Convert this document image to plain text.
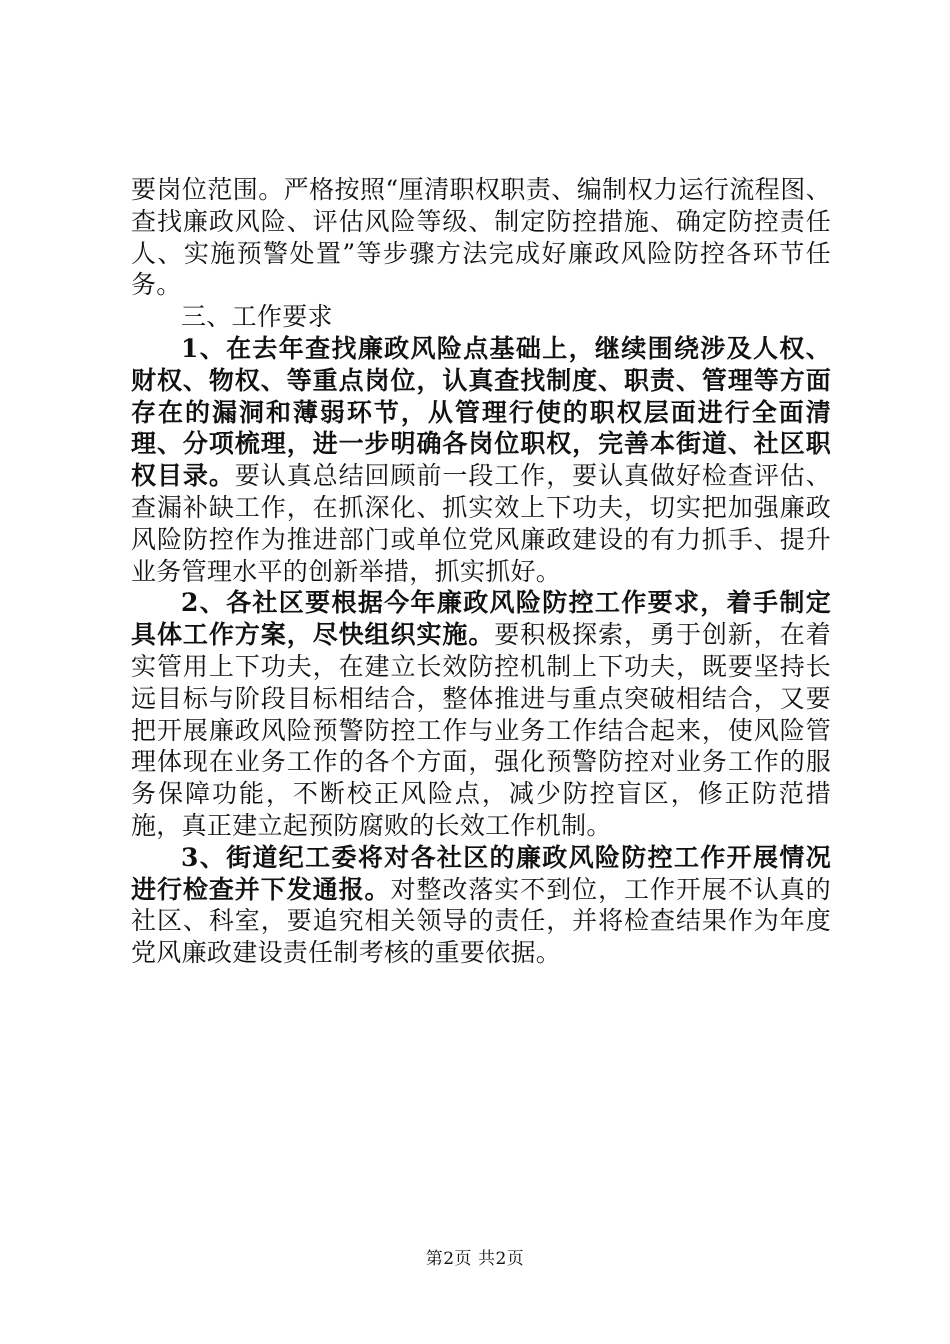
要岗位范围。严格按照“厘清职权职责、编制权力运行流程图、查找廉政风险、评估风险等级、制定防控措施、确定防控责任人、实施预警处置”等步骤方法完成好廉政风险防控各环节任务。

三、工作要求

1、在去年查找廉政风险点基础上，继续围绕涉及人权、财权、物权、等重点岗位，认真查找制度、职责、管理等方面存在的漏洞和薄弱环节，从管理行使的职权层面进行全面清理、分项梳理，进一步明确各岗位职权，完善本街道、社区职权目录。要认真总结回顾前一段工作，要认真做好检查评估、查漏补缺工作，在抓深化、抓实效上下功夫，切实把加强廉政风险防控作为推进部门或单位党风廉政建设的有力抓手、提升业务管理水平的创新举措，抓实抓好。

2、各社区要根据今年廉政风险防控工作要求，着手制定具体工作方案，尽快组织实施。要积极探索，勇于创新，在着实管用上下功夫，在建立长效防控机制上下功夫，既要坚持长远目标与阶段目标相结合，整体推进与重点突破相结合，又要把开展廉政风险预警防控工作与业务工作结合起来，使风险管理体现在业务工作的各个方面，强化预警防控对业务工作的服务保障功能，不断校正风险点，减少防控盲区，修正防范措施，真正建立起预防腐败的长效工作机制。

3、街道纪工委将对各社区的廉政风险防控工作开展情况进行检查并下发通报。对整改落实不到位，工作开展不认真的社区、科室，要追究相关领导的责任，并将检查结果作为年度党风廉政建设责任制考核的重要依据。

第2页 共2页
